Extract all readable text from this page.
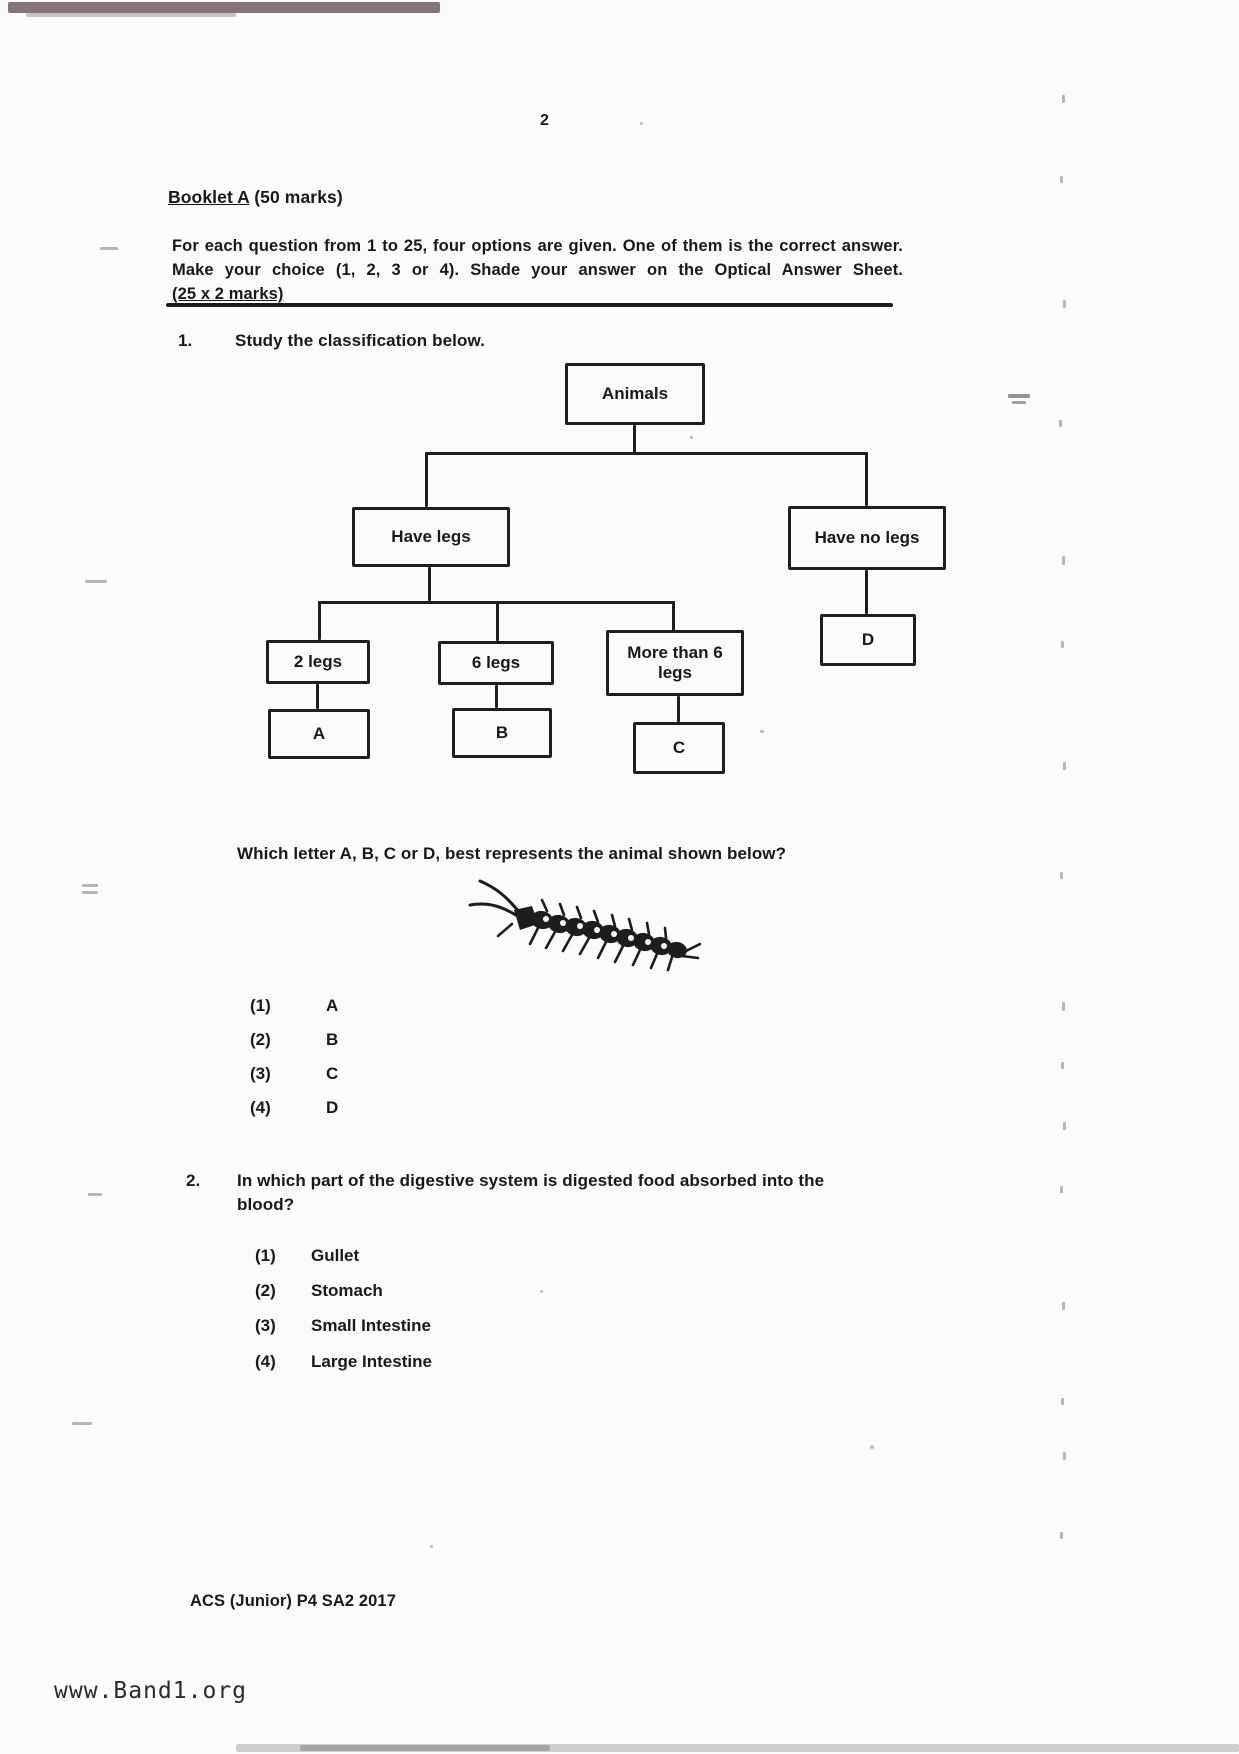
2
Booklet A (50 marks)
For each question from 1 to 25, four options are given. One of them is the correct answer.
Make your choice (1, 2, 3 or 4). Shade your answer on the Optical Answer Sheet.
(25 x 2 marks)
1.	Study the classification below.
Animals
Have legs	Have no legs
2 legs	6 legs
More than 6 legs
A	B
C
D
Which letter A, B, C or D, best represents the animal shown below?
(1)	A
(2)	B
(3)	C
(4)	D
2. In which part of the digestive system is digested food absorbed into the
blood?
(1) Gullet
(2) Stomach
(3) Small Intestine
(4) Large Intestine
ACS (Junior) P4 SA2 2017
www.Band1.org
